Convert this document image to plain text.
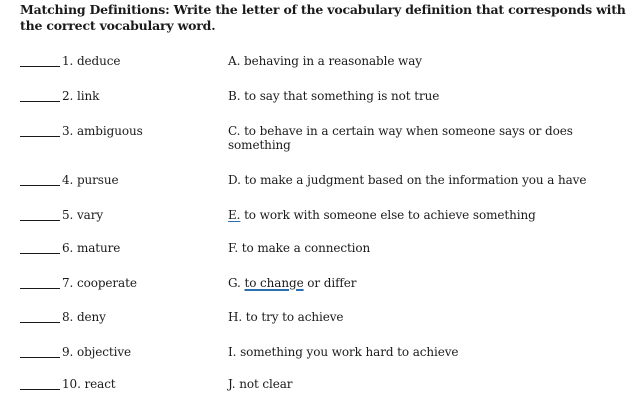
Matching Definitions: Write the letter of the vocabulary definition that corresponds with the correct vocabulary word.
1. deduce	A. behaving in a reasonable way
2. link	B. to say that something is not true
3. ambiguous	C. to behave in a certain way when someone says or does something
4. pursue	D. to make a judgment based on the information you a have
5. vary	E. to work with someone else to achieve something
6. mature	F. to make a connection
7. cooperate	G. to change or differ
8. deny	H. to try to achieve
9. objective	I. something you work hard to achieve
10. react	J. not clear
